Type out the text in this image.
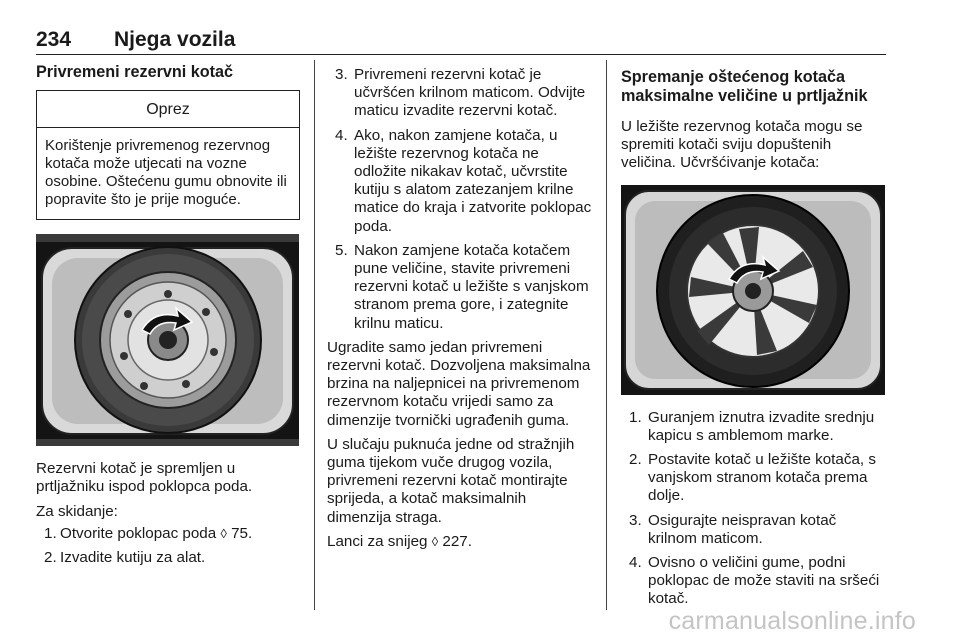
234 Njega vozila
Privremeni rezervni kotač
Oprez
Korištenje privremenog rezervnog kotača može utjecati na vozne osobine. Oštećenu gumu obnovite ili popravite što je prije moguće.

Rezervni kotač je spremljen u prtljažniku ispod poklopca poda.

Za skidanje:

1. Otvorite poklopac poda ◊ 75.
2. Izvadite kutiju za alat.
3. Privremeni rezervni kotač je učvršćen krilnom maticom. Odvijte maticu izvadite rezervni kotač.
4. Ako, nakon zamjene kotača, u ležište rezervnog kotača ne odložite nikakav kotač, učvrstite kutiju s alatom zatezanjem krilne matice do kraja i zatvorite poklopac poda.
5. Nakon zamjene kotača kotačem pune veličine, stavite privremeni rezervni kotač u ležište s vanjskom stranom prema gore, i zategnite krilnu maticu.

Ugradite samo jedan privremeni rezervni kotač. Dozvoljena maksimalna brzina na naljepnicei na privremenom rezervnom kotaču vrijedi samo za dimenzije tvornički ugrađenih guma.

U slučaju puknuća jedne od stražnjih guma tijekom vuče drugog vozila, privremeni rezervni kotač montirajte sprijeda, a kotač maksimalnih dimenzija straga.

Lanci za snijeg ◊ 227.

Spremanje oštećenog kotača maksimalne veličine u prtljažnik

U ležište rezervnog kotača mogu se spremiti kotači sviju dopuštenih veličina. Učvršćivanje kotača:

1. Guranjem iznutra izvadite srednju kapicu s amblemom marke.
2. Postavite kotač u ležište kotača, s vanjskom stranom kotača prema dolje.
3. Osigurajte neispravan kotač krilnom maticom.
4. Ovisno o veličini gume, podni poklopac de može staviti na sršeći kotač.
carmanualsonline.info
